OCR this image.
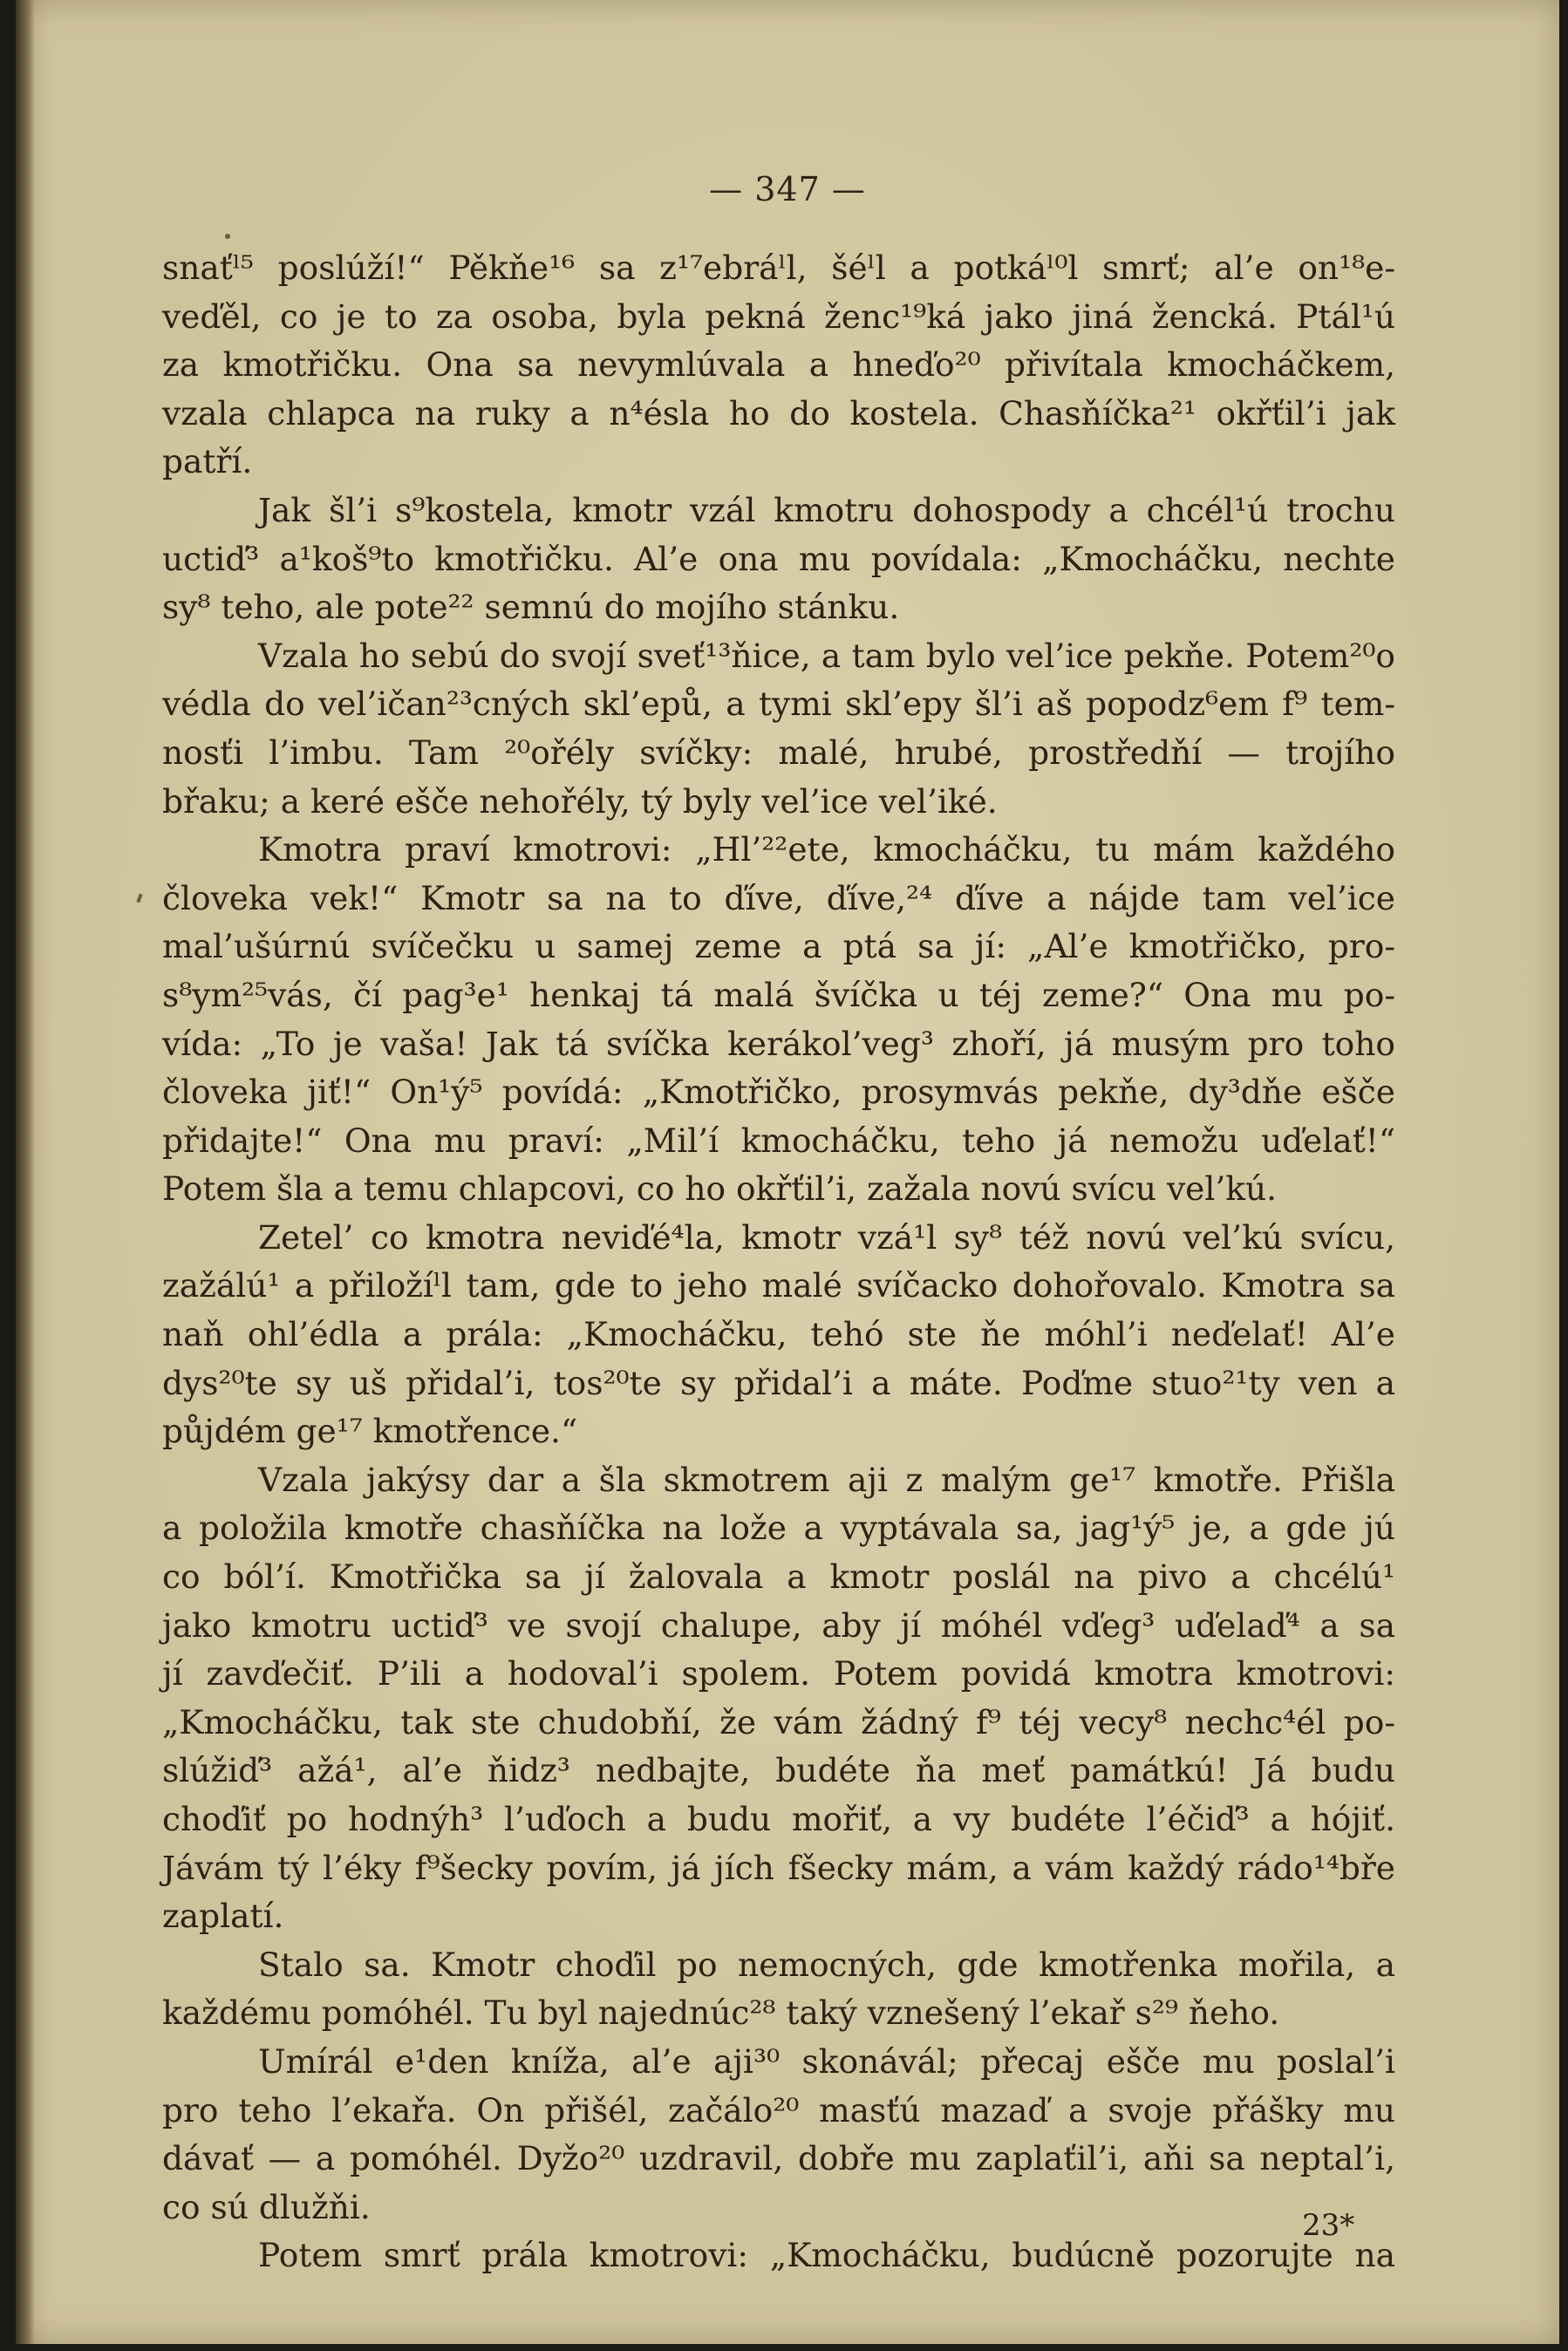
— 347 —
snaťˡ⁵ poslúží!“ Pěkňe¹⁶ sa z¹⁷ebráˡl, šéˡl a potkáˡ⁰l smrť; al’e on¹⁸e-
veďěl, co je to za osoba, byla pekná ženc¹⁹ká jako jiná žencká. Ptál¹ú
za kmotřičku. Ona sa nevymlúvala a hneďo²⁰ přivítala kmocháčkem,
vzala chlapca na ruky a n⁴ésla ho do kostela. Chasňíčka²¹ okřťil’i jak
patří.
Jak šl’i s⁹kostela, kmotr vzál kmotru dohospody a chcél¹ú trochu
uctiď³ a¹koš⁹to kmotřičku. Al’e ona mu povídala: „Kmocháčku, nechte
sy⁸ teho, ale pote²² semnú do mojího stánku.
Vzala ho sebú do svojí sveť¹³ňice, a tam bylo vel’ice pekňe. Potem²⁰o
védla do vel’ičan²³cných skl’epů, a tymi skl’epy šl’i aš popodz⁶em f⁹ tem-
nosťi l’imbu. Tam ²⁰ořély svíčky: malé, hrubé, prostředňí — trojího
břaku; a keré ešče nehořély, tý byly vel’ice vel’iké.
Kmotra praví kmotrovi: „Hl’²²ete, kmocháčku, tu mám každého
človeka vek!“ Kmotr sa na to ďíve, ďíve,²⁴ ďíve a nájde tam vel’ice
mal’ušúrnú svíčečku u samej zeme a ptá sa jí: „Al’e kmotřičko, pro-
s⁸ym²⁵vás, čí pag³e¹ henkaj tá malá švíčka u téj zeme?“ Ona mu po-
vída: „To je vaša! Jak tá svíčka kerákol’veg³ zhoří, já musým pro toho
človeka jiť!“ On¹ý⁵ povídá: „Kmotřičko, prosymvás pekňe, dy³dňe ešče
přidajte!“ Ona mu praví: „Mil’í kmocháčku, teho já nemožu uďelať!“
Potem šla a temu chlapcovi, co ho okřťil’i, zažala novú svícu vel’kú.
Zetel’ co kmotra neviďé⁴la, kmotr vzá¹l sy⁸ též novú vel’kú svícu,
zažálú¹ a přiložíˡl tam, gde to jeho malé svíčacko dohořovalo. Kmotra sa
naň ohl’édla a prála: „Kmocháčku, tehó ste ňe móhl’i neďelať! Al’e
dys²⁰te sy uš přidal’i, tos²⁰te sy přidal’i a máte. Poďme stuo²¹ty ven a
půjdém ge¹⁷ kmotřence.“
Vzala jakýsy dar a šla skmotrem aji z malým ge¹⁷ kmotře. Přišla
a položila kmotře chasňíčka na lože a vyptávala sa, jag¹ý⁵ je, a gde jú
co ból’í. Kmotřička sa jí žalovala a kmotr poslál na pivo a chcélú¹
jako kmotru uctiď³ ve svojí chalupe, aby jí móhél vďeg³ uďelaď⁴ a sa
jí zavďečiť. P’ili a hodoval’i spolem. Potem povidá kmotra kmotrovi:
„Kmocháčku, tak ste chudobňí, že vám žádný f⁹ téj vecy⁸ nechc⁴él po-
slúžiď³ ažá¹, al’e ňidz³ nedbajte, budéte ňa meť památkú! Já budu
choďiť po hodnýh³ l’uďoch a budu mořiť, a vy budéte l’éčiď³ a hójiť.
Jávám tý l’éky f⁹šecky povím, já jích fšecky mám, a vám každý rádo¹⁴bře
zaplatí.
Stalo sa. Kmotr choďil po nemocných, gde kmotřenka mořila, a
každému pomóhél. Tu byl najednúc²⁸ taký vznešený l’ekař s²⁹ ňeho.
Umírál e¹den kníža, al’e aji³⁰ skonávál; přecaj ešče mu poslal’i
pro teho l’ekařa. On přišél, začálo²⁰ masťú mazaď a svoje přášky mu
dávať — a pomóhél. Dyžo²⁰ uzdravil, dobře mu zaplaťil’i, aňi sa neptal’i,
co sú dlužňi.
Potem smrť prála kmotrovi: „Kmocháčku, budúcně pozorujte na
23*
